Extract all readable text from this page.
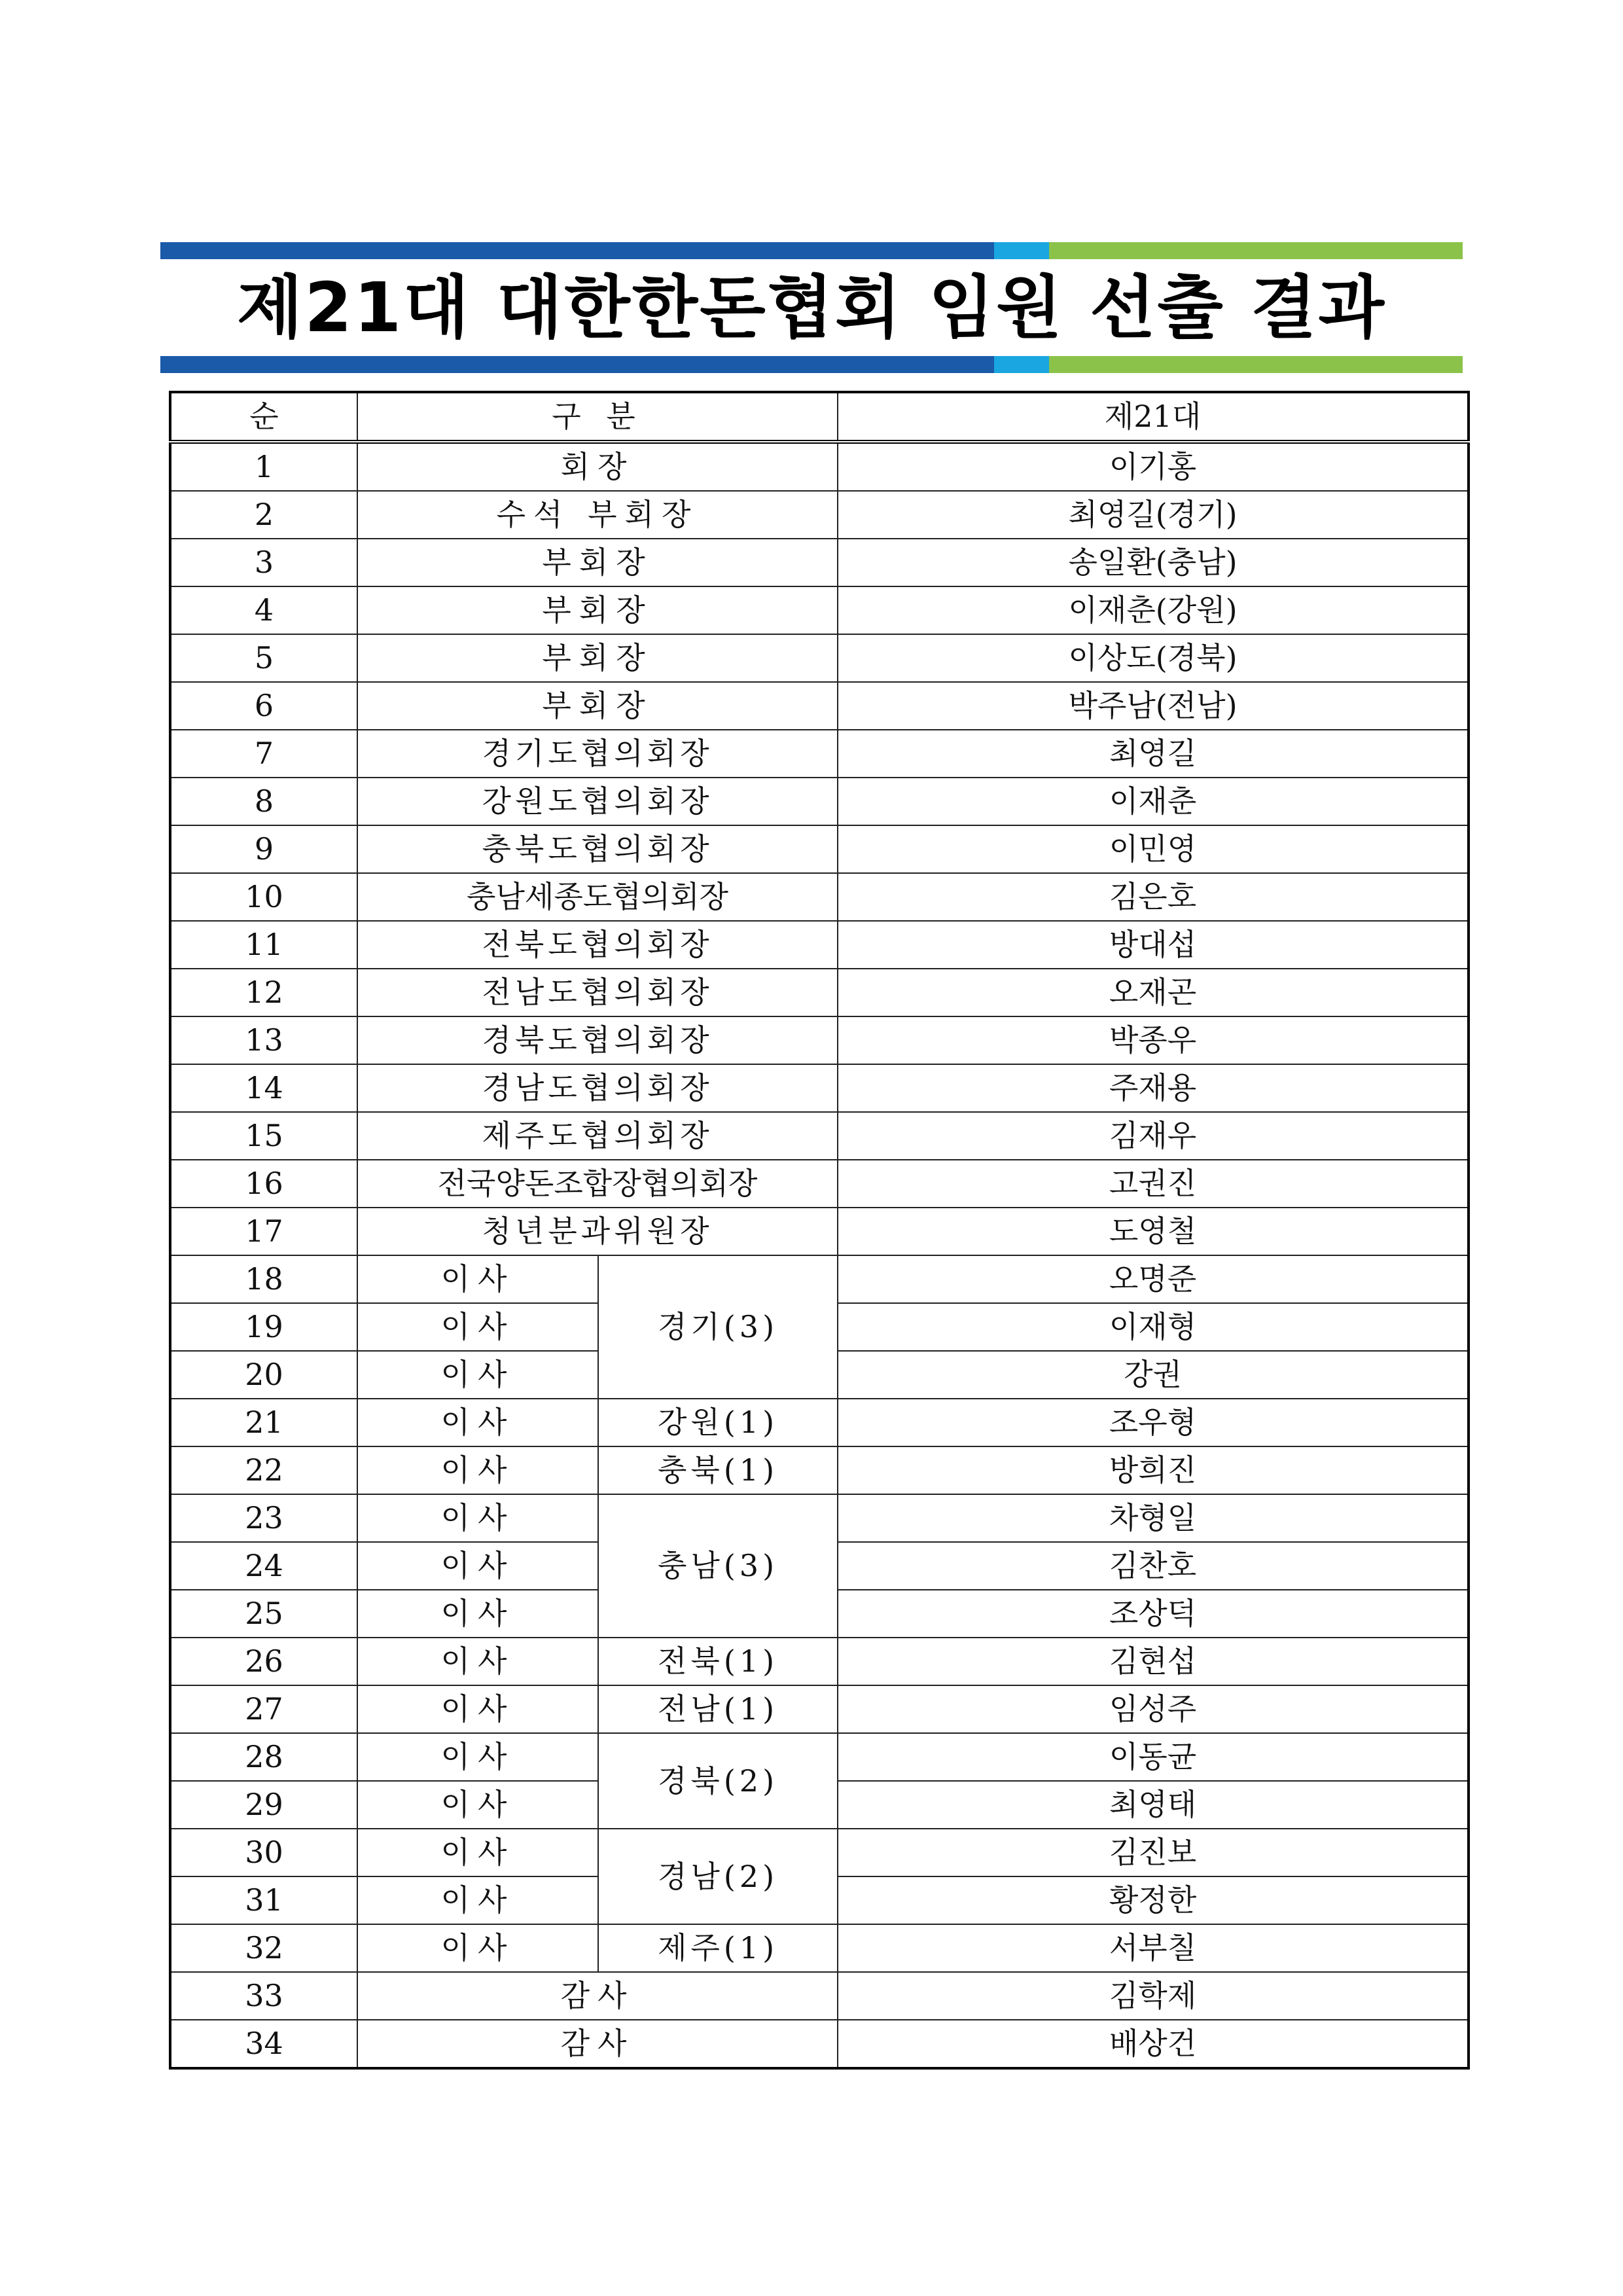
제21대 대한한돈협회 임원 선출 결과
순	구 분		제21대
1	회장		이기홍
2	수석 부회장		최영길(경기)
3	부회장		송일환(충남)
4	부회장		이재춘(강원)
5	부회장		이상도(경북)
6	부회장		박주남(전남)
7	경기도협의회장		최영길
8	강원도협의회장		이재춘
9	충북도협의회장		이민영
10	충남세종도협의회장		김은호
11	전북도협의회장		방대섭
12	전남도협의회장		오재곤
13	경북도협의회장		박종우
14	경남도협의회장		주재용
15	제주도협의회장		김재우
16	전국양돈조합장협의회장		고권진
17	청년분과위원장		도영철
18	이사	경기(3)	오명준
19	이사		이재형
20	이사		강권
21	이사	강원(1)	조우형
22	이사	충북(1)	방희진
23	이사	충남(3)	차형일
24	이사		김찬호
25	이사		조상덕
26	이사	전북(1)	김현섭
27	이사	전남(1)	임성주
28	이사	경북(2)	이동균
29	이사		최영태
30	이사	경남(2)	김진보
31	이사		황정한
32	이사	제주(1)	서부칠
33	감사		김학제
34	감사		배상건
